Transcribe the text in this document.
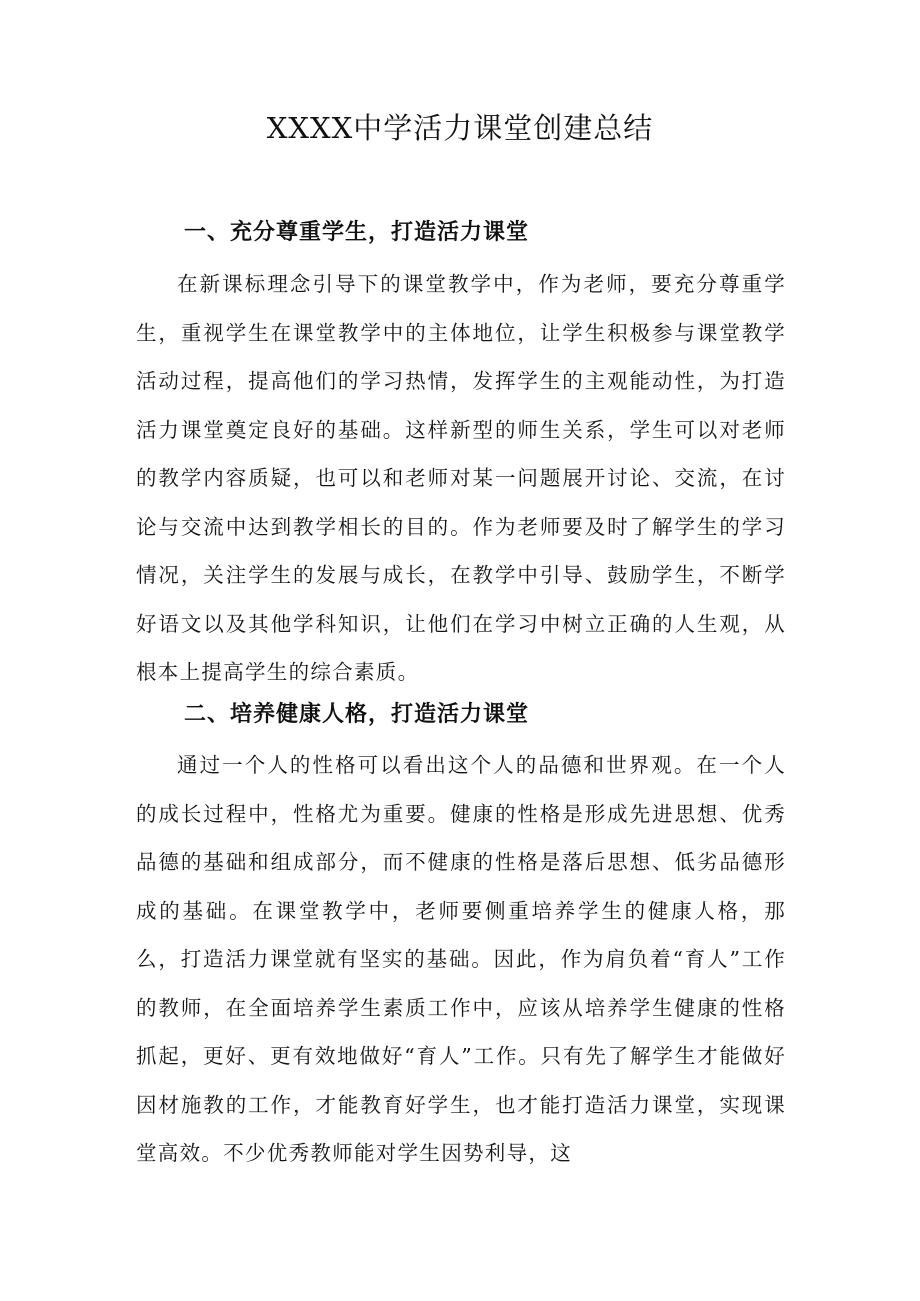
XXXX中学活力课堂创建总结
一、充分尊重学生，打造活力课堂

在新课标理念引导下的课堂教学中，作为老师，要充分尊重学生，重视学生在课堂教学中的主体地位，让学生积极参与课堂教学活动过程，提高他们的学习热情，发挥学生的主观能动性，为打造活力课堂奠定良好的基础。这样新型的师生关系，学生可以对老师的教学内容质疑，也可以和老师对某一问题展开讨论、交流，在讨论与交流中达到教学相长的目的。作为老师要及时了解学生的学习情况，关注学生的发展与成长，在教学中引导、鼓励学生，不断学好语文以及其他学科知识，让他们在学习中树立正确的人生观，从根本上提高学生的综合素质。

二、培养健康人格，打造活力课堂

通过一个人的性格可以看出这个人的品德和世界观。在一个人的成长过程中，性格尤为重要。健康的性格是形成先进思想、优秀品德的基础和组成部分，而不健康的性格是落后思想、低劣品德形成的基础。在课堂教学中，老师要侧重培养学生的健康人格，那么，打造活力课堂就有坚实的基础。因此，作为肩负着“育人”工作的教师，在全面培养学生素质工作中，应该从培养学生健康的性格抓起，更好、更有效地做好“育人”工作。只有先了解学生才能做好因材施教的工作，才能教育好学生，也才能打造活力课堂，实现课堂高效。不少优秀教师能对学生因势利导，这
